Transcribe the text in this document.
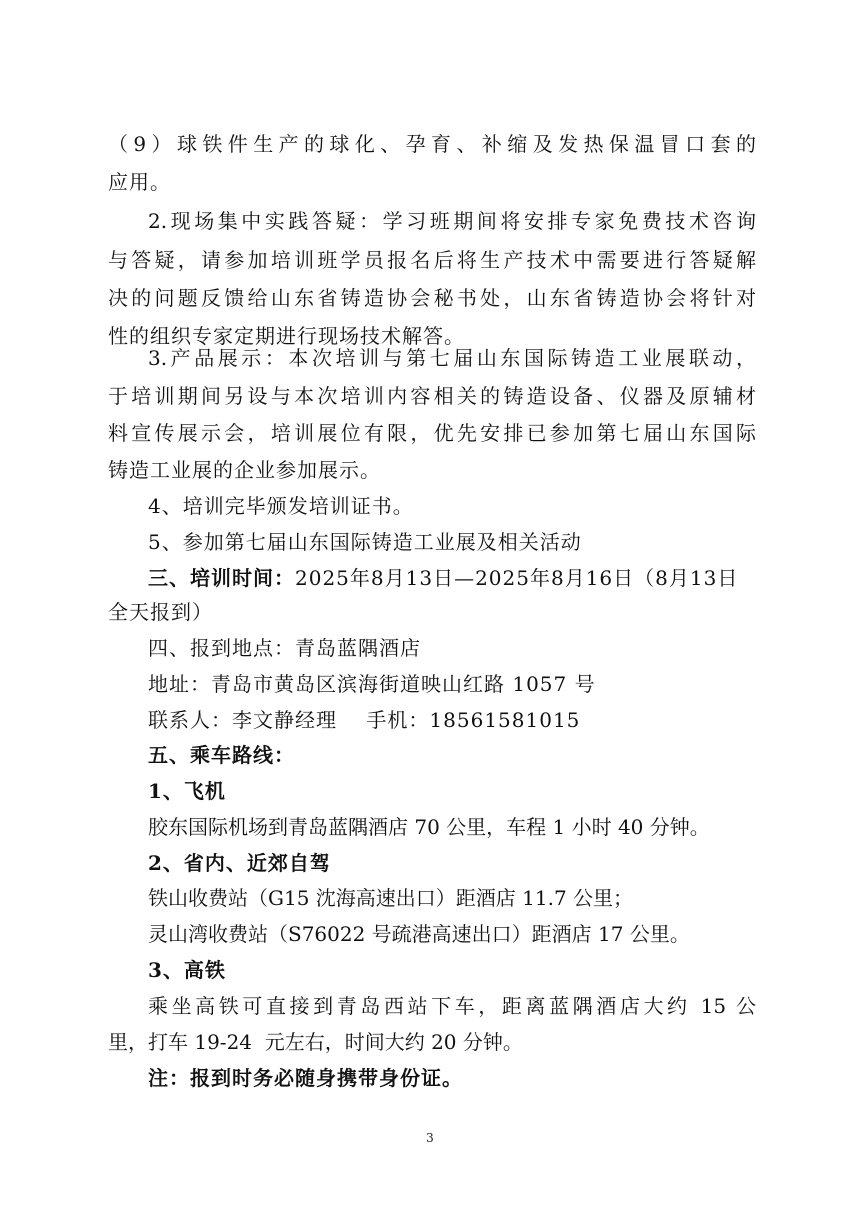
（9）球铁件生产的球化、孕育、补缩及发热保温冒口套的
应用。
2.现场集中实践答疑：学习班期间将安排专家免费技术咨询
与答疑，请参加培训班学员报名后将生产技术中需要进行答疑解
决的问题反馈给山东省铸造协会秘书处，山东省铸造协会将针对
性的组织专家定期进行现场技术解答。
3.产品展示：本次培训与第七届山东国际铸造工业展联动，
于培训期间另设与本次培训内容相关的铸造设备、仪器及原辅材
料宣传展示会，培训展位有限，优先安排已参加第七届山东国际
铸造工业展的企业参加展示。
4、培训完毕颁发培训证书。
5、参加第七届山东国际铸造工业展及相关活动
三、培训时间：2025年8月13日—2025年8月16日（8月13日
全天报到）
四、报到地点：青岛蓝隅酒店
地址：青岛市黄岛区滨海街道映山红路 1057 号
联系人：李文静经理    手机：18561581015
五、乘车路线：
1、飞机
胶东国际机场到青岛蓝隅酒店 70 公里，车程 1 小时 40 分钟。
2、省内、近郊自驾
铁山收费站（G15 沈海高速出口）距酒店 11.7 公里；
灵山湾收费站（S76022 号疏港高速出口）距酒店 17 公里。
3、高铁
乘坐高铁可直接到青岛西站下车，距离蓝隅酒店大约 15 公
里，打车 19-24  元左右，时间大约 20 分钟。
注：报到时务必随身携带身份证。
3
